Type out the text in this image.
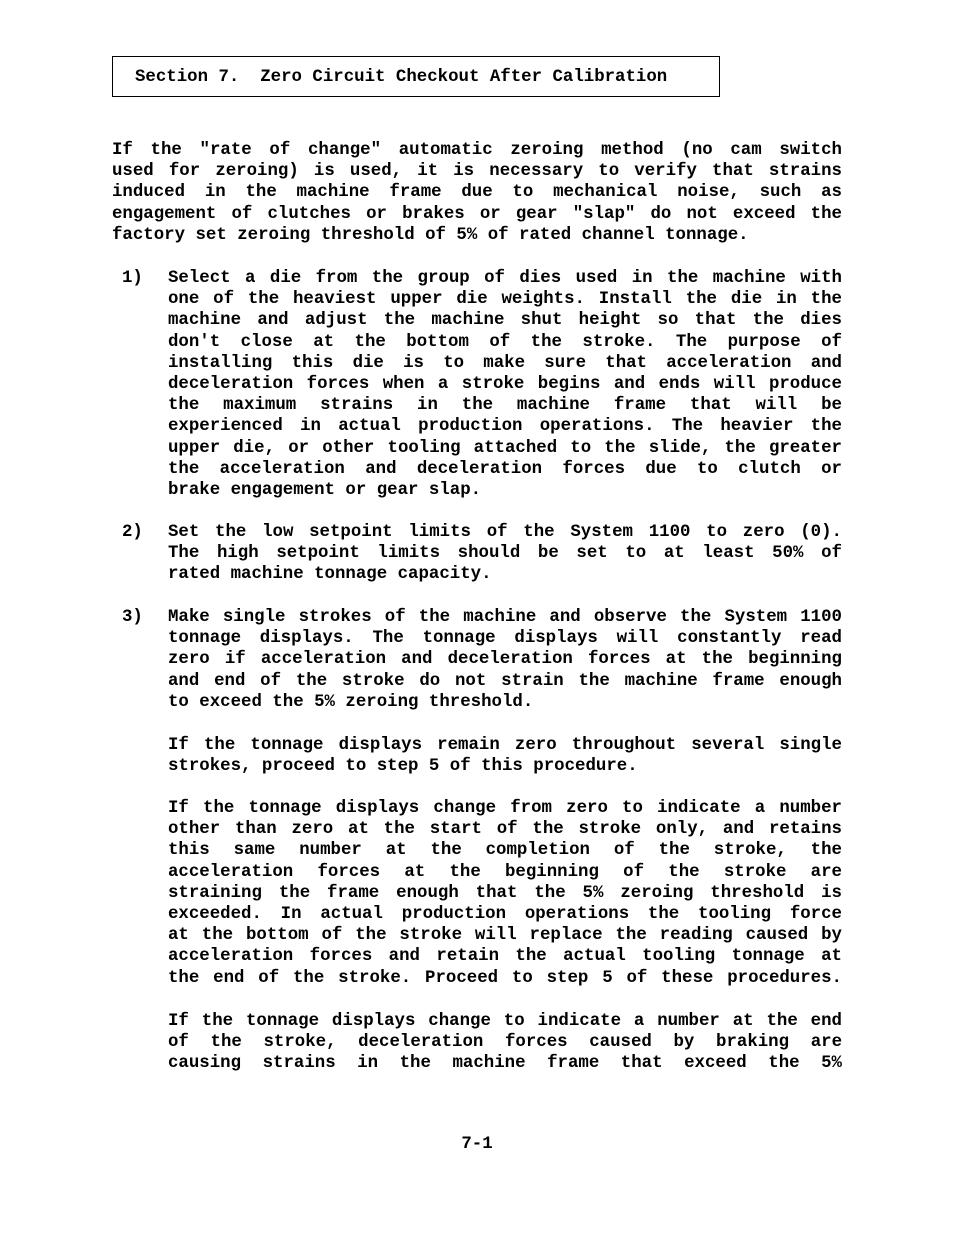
Section 7.  Zero Circuit Checkout After Calibration
If the "rate of change" automatic zeroing method (no cam switch
used for zeroing) is used, it is necessary to verify that strains
induced in the machine frame due to mechanical noise, such as
engagement of clutches or brakes or gear "slap" do not exceed the
factory set zeroing threshold of 5% of rated channel tonnage.
1) Select a die from the group of dies used in the machine with
one of the heaviest upper die weights. Install the die in the
machine and adjust the machine shut height so that the dies
don't close at the bottom of the stroke. The purpose of
installing this die is to make sure that acceleration and
deceleration forces when a stroke begins and ends will produce
the maximum strains in the machine frame that will be
experienced in actual production operations. The heavier the
upper die, or other tooling attached to the slide, the greater
the acceleration and deceleration forces due to clutch or
brake engagement or gear slap.
2) Set the low setpoint limits of the System 1100 to zero (0).
The high setpoint limits should be set to at least 50% of
rated machine tonnage capacity.
3) Make single strokes of the machine and observe the System 1100
tonnage displays. The tonnage displays will constantly read
zero if acceleration and deceleration forces at the beginning
and end of the stroke do not strain the machine frame enough
to exceed the 5% zeroing threshold.
If the tonnage displays remain zero throughout several single
strokes, proceed to step 5 of this procedure.
If the tonnage displays change from zero to indicate a number
other than zero at the start of the stroke only, and retains
this same number at the completion of the stroke, the
acceleration forces at the beginning of the stroke are
straining the frame enough that the 5% zeroing threshold is
exceeded. In actual production operations the tooling force
at the bottom of the stroke will replace the reading caused by
acceleration forces and retain the actual tooling tonnage at
the end of the stroke. Proceed to step 5 of these procedures.
If the tonnage displays change to indicate a number at the end
of the stroke, deceleration forces caused by braking are
causing strains in the machine frame that exceed the 5%
7-1
